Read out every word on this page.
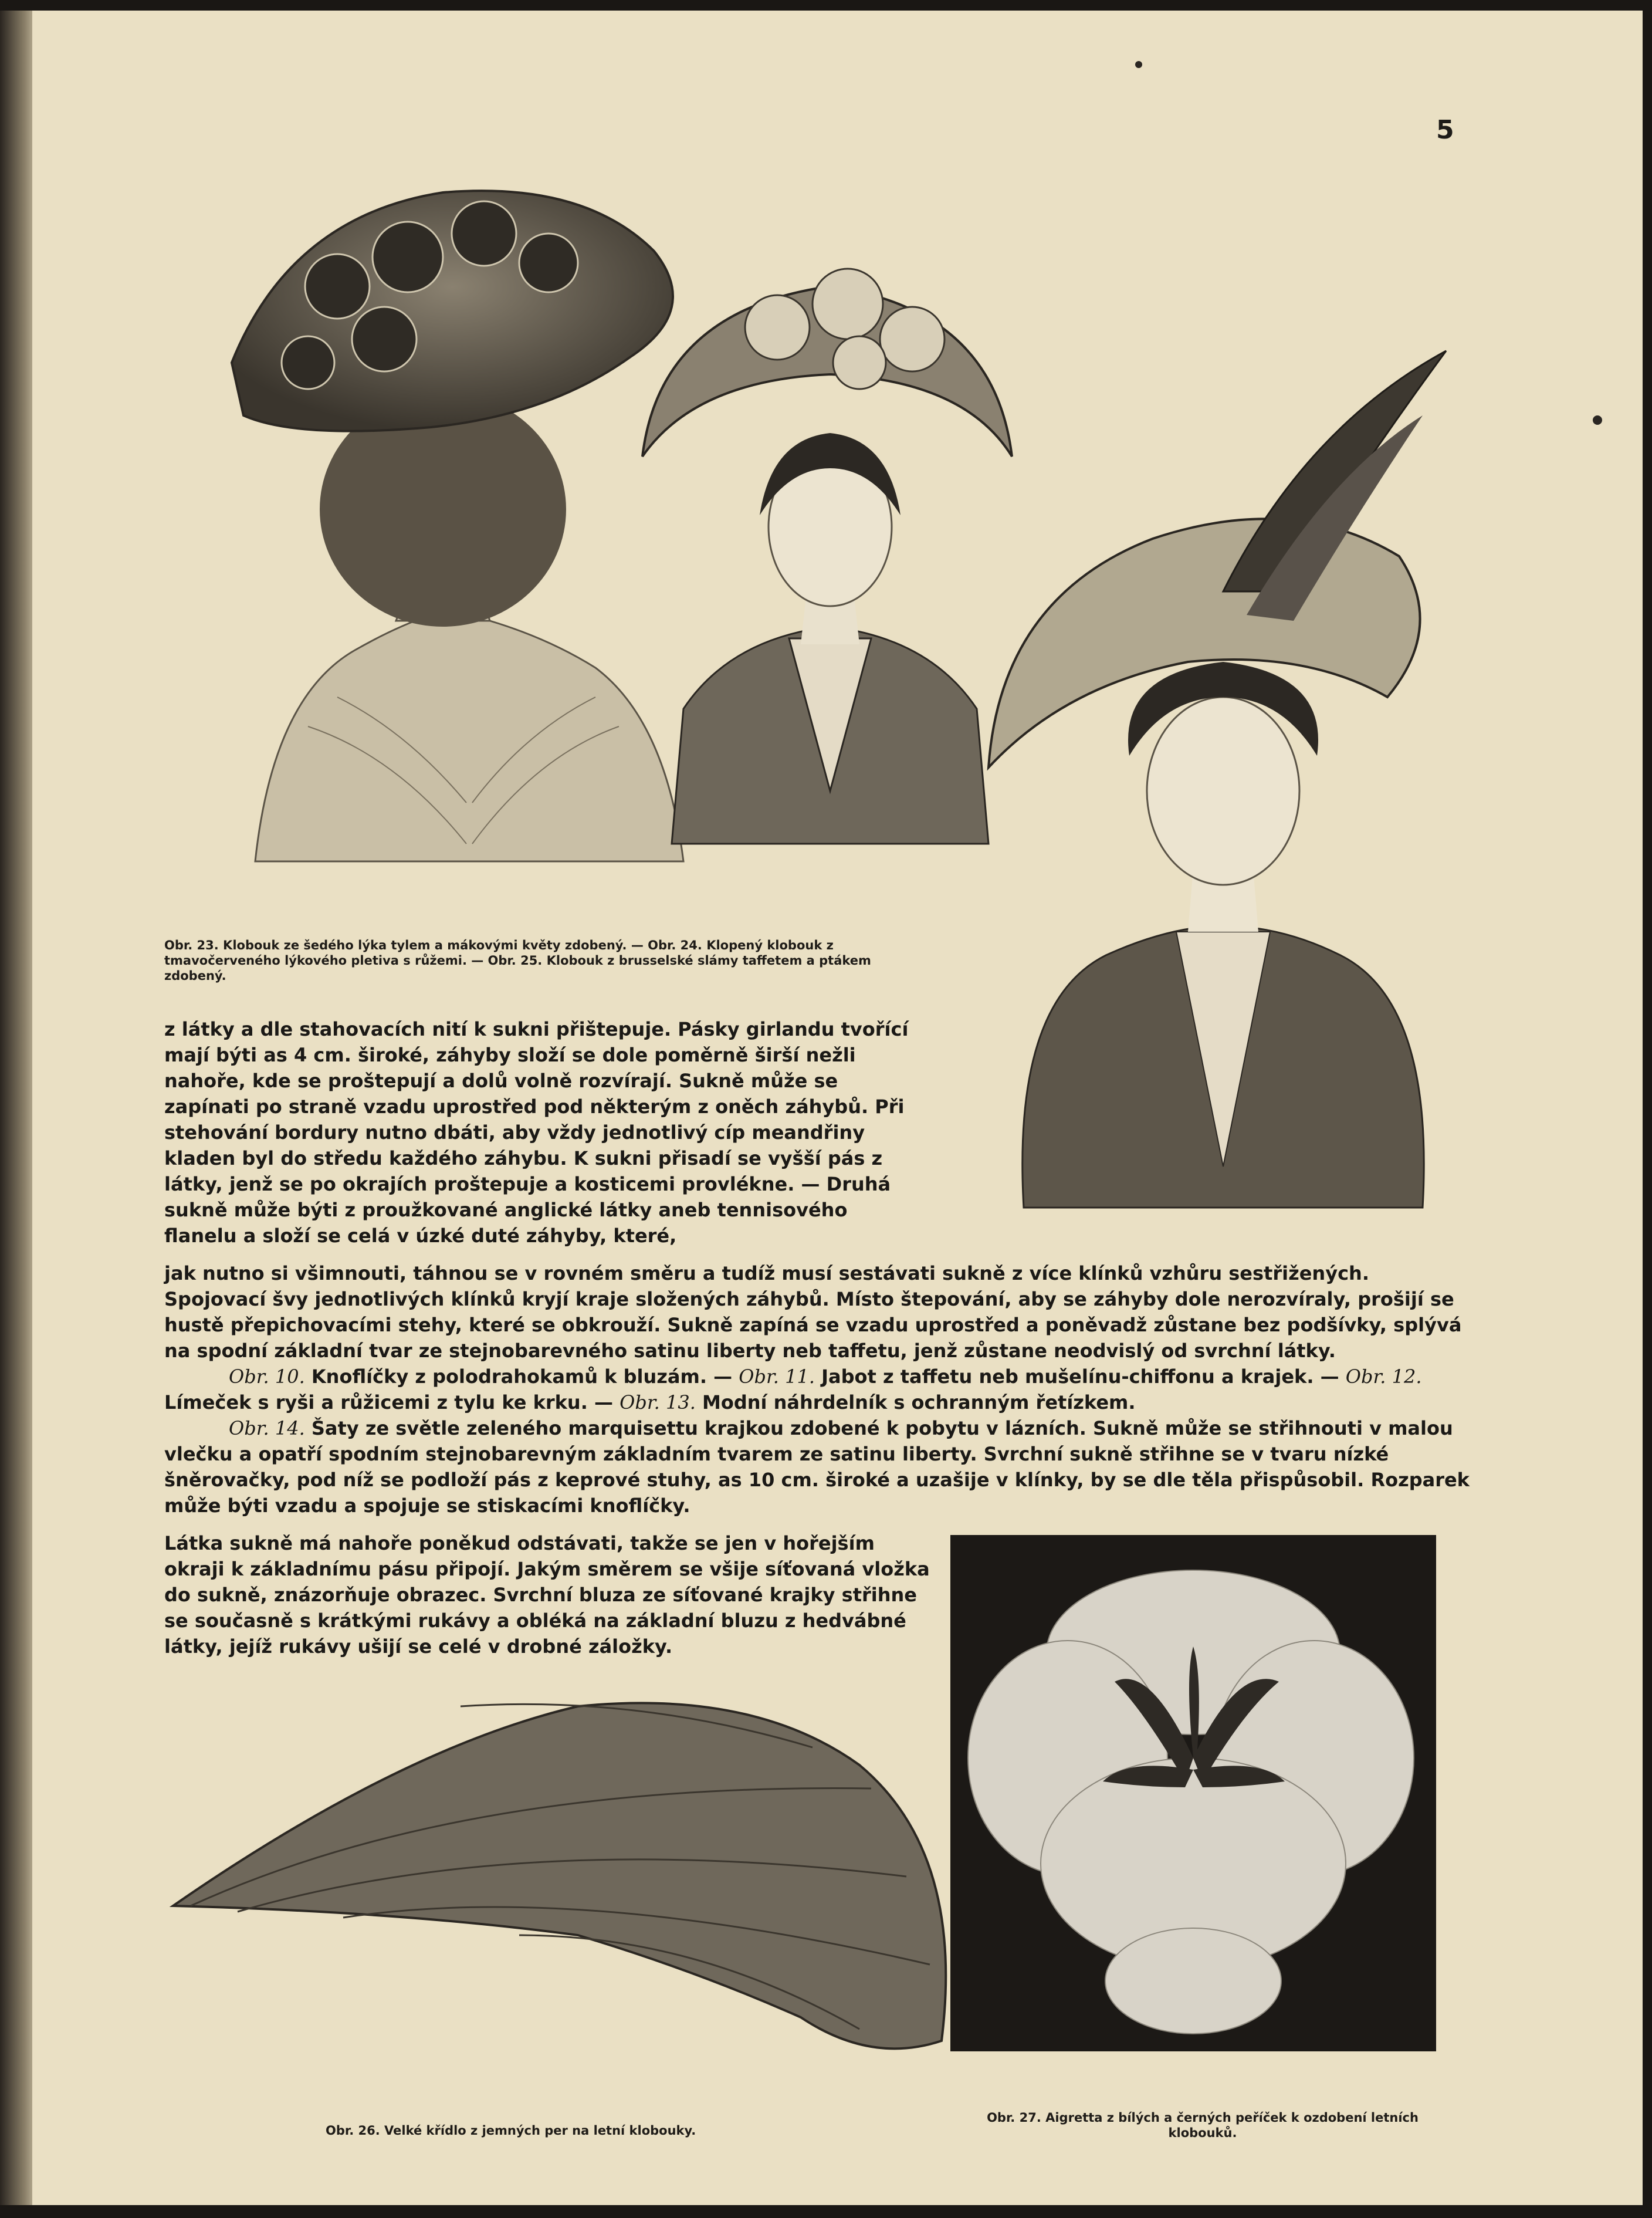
5
Obr. 23. Klobouk ze šedého lýka tylem a mákovými květy zdobený. — Obr. 24. Klopený klobouk z tmavočerveného lýkového pletiva s růžemi. — Obr. 25. Klobouk z brusselské slámy taffetem a ptákem zdobený.

z látky a dle stahovacích nití k sukni přištepuje. Pásky girlandu tvořící mají býti as 4 cm. široké, záhyby složí se dole poměrně širší nežli nahoře, kde se proštepují a dolů volně rozvírají. Sukně může se zapínati po straně vzadu uprostřed pod některým z oněch záhybů. Při stehování bordury nutno dbáti, aby vždy jednotlivý cíp meandřiny kladen byl do středu každého záhybu. K sukni přisadí se vyšší pás z látky, jenž se po okrajích proštepuje a kosticemi provlékne. — Druhá sukně může býti z proužkované anglické látky aneb tennisového flanelu a složí se celá v úzké duté záhyby, které,

jak nutno si všimnouti, táhnou se v rovném směru a tudíž musí sestávati sukně z více klínků vzhůru sestřižených. Spojovací švy jednotlivých klínků kryjí kraje složených záhybů. Místo štepování, aby se záhyby dole nerozvíraly, prošijí se hustě přepichovacími stehy, které se obkrouží. Sukně zapíná se vzadu uprostřed a poněvadž zůstane bez podšívky, splývá na spodní základní tvar ze stejnobarevného satinu liberty neb taffetu, jenž zůstane neodvislý od svrchní látky.

Obr. 10. Knoflíčky z polodrahokamů k bluzám. — Obr. 11. Jabot z taffetu neb mušelínu-chiffonu a krajek. — Obr. 12. Límeček s ryši a růžicemi z tylu ke krku. — Obr. 13. Modní náhrdelník s ochranným řetízkem.

Obr. 14. Šaty ze světle zeleného marquisettu krajkou zdobené k pobytu v lázních. Sukně může se střihnouti v malou vlečku a opatří spodním stejnobarevným základním tvarem ze satinu liberty. Svrchní sukně střihne se v tvaru nízké šněrovačky, pod níž se podloží pás z keprové stuhy, as 10 cm. široké a uzašije v klínky, by se dle těla přispůsobil. Rozparek může býti vzadu a spojuje se stiskacími knoflíčky.

Látka sukně má nahoře poněkud odstávati, takže se jen v hořejším okraji k základnímu pásu připojí. Jakým směrem se všije síťovaná vložka do sukně, znázorňuje obrazec. Svrchní bluza ze síťované krajky střihne se současně s krátkými rukávy a obléká na základní bluzu z hedvábné látky, jejíž rukávy ušijí se celé v drobné záložky.

Obr. 26. Velké křídlo z jemných per na letní klobouky.
Obr. 27. Aigretta z bílých a černých peříček k ozdobení letních klobouků.
